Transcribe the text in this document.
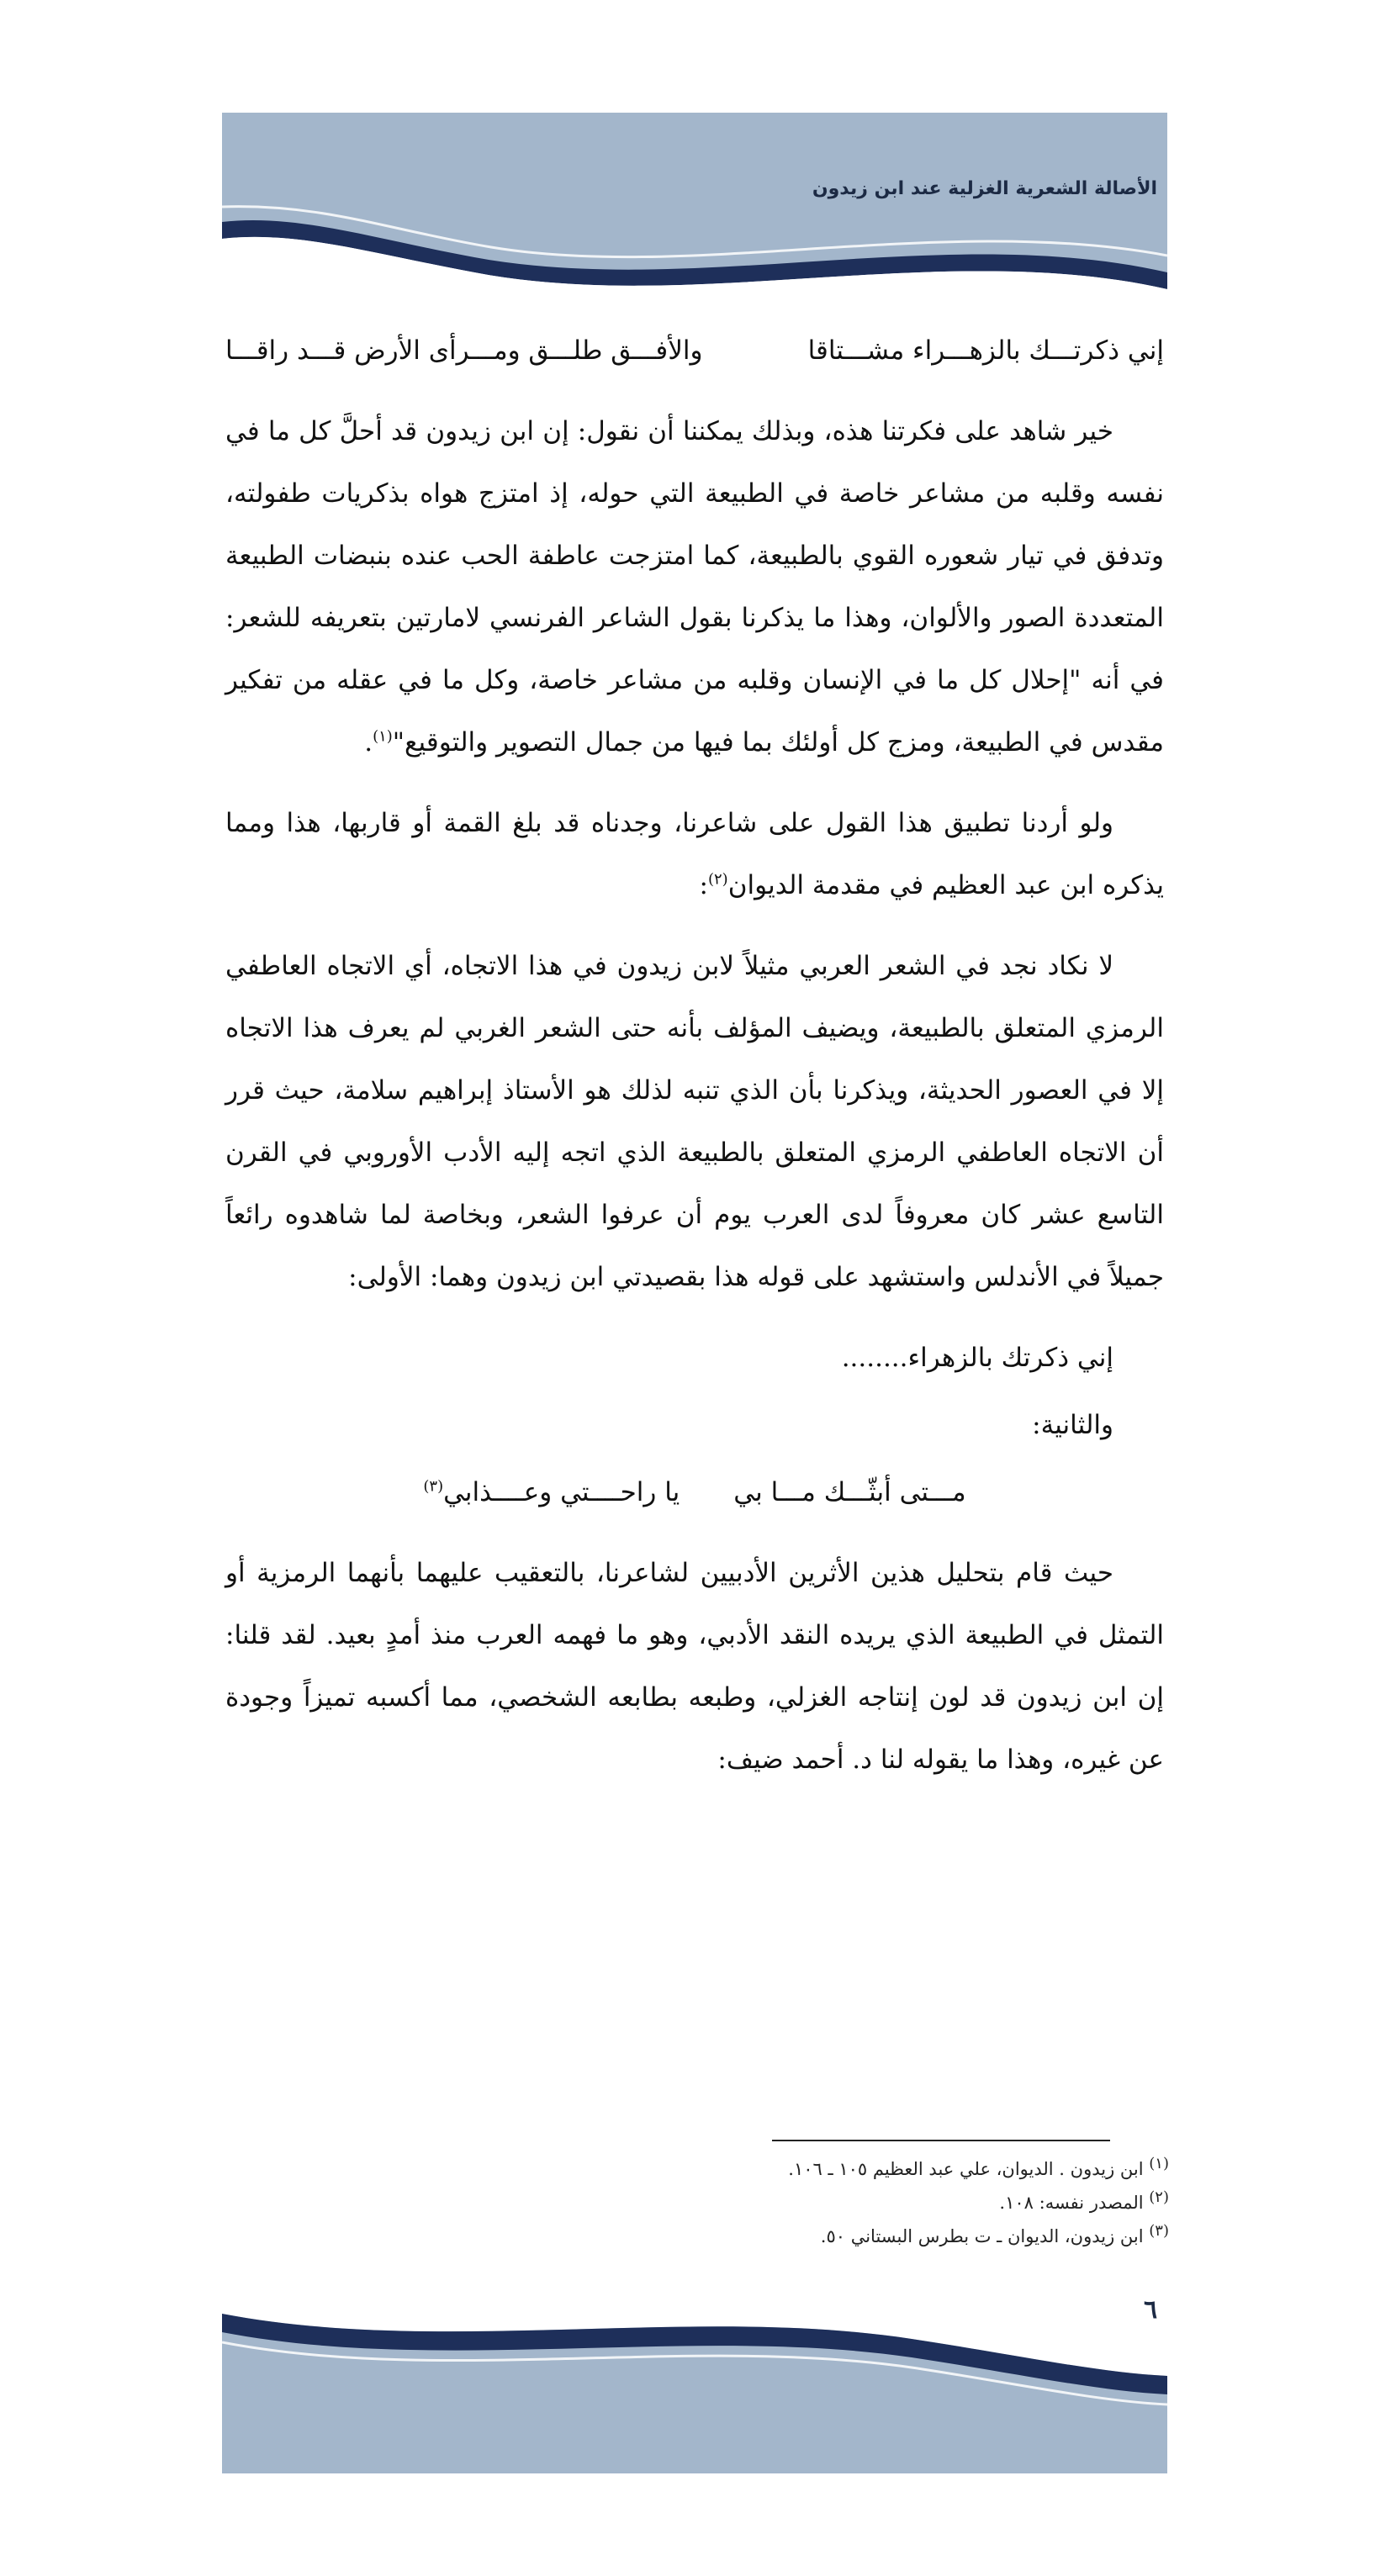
الأصالة الشعرية الغزلية عند ابن زيدون
إني ذكرتـــك بالزهـــراء مشـــتاقا
والأفـــق طلـــق ومـــرأى الأرض قـــد راقـــا

خير شاهد على فكرتنا هذه، وبذلك يمكننا أن نقول: إن ابن زيدون قد أحلَّ كل ما في نفسه وقلبه من مشاعر خاصة في الطبيعة التي حوله، إذ امتزج هواه بذكريات طفولته، وتدفق في تيار شعوره القوي بالطبيعة، كما امتزجت عاطفة الحب عنده بنبضات الطبيعة المتعددة الصور والألوان، وهذا ما يذكرنا بقول الشاعر الفرنسي لامارتين بتعريفه للشعر: في أنه "إحلال كل ما في الإنسان وقلبه من مشاعر خاصة، وكل ما في عقله من تفكير مقدس في الطبيعة، ومزج كل أولئك بما فيها من جمال التصوير والتوقيع"$^{(١)}$.

ولو أردنا تطبيق هذا القول على شاعرنا، وجدناه قد بلغ القمة أو قاربها، هذا ومما يذكره ابن عبد العظيم في مقدمة الديوان$^{(٢)}$:

لا نكاد نجد في الشعر العربي مثيلاً لابن زيدون في هذا الاتجاه، أي الاتجاه العاطفي الرمزي المتعلق بالطبيعة، ويضيف المؤلف بأنه حتى الشعر الغربي لم يعرف هذا الاتجاه إلا في العصور الحديثة، ويذكرنا بأن الذي تنبه لذلك هو الأستاذ إبراهيم سلامة، حيث قرر أن الاتجاه العاطفي الرمزي المتعلق بالطبيعة الذي اتجه إليه الأدب الأوروبي في القرن التاسع عشر كان معروفاً لدى العرب يوم أن عرفوا الشعر، وبخاصة لما شاهدوه رائعاً جميلاً في الأندلس واستشهد على قوله هذا بقصيدتي ابن زيدون وهما: الأولى:

إني ذكرتك بالزهراء........
والثانية:
مـــتى أبثّـــك مـــا بي
يا راحــــتي وعــــذابي$^{(٣)}$

حيث قام بتحليل هذين الأثرين الأدبيين لشاعرنا، بالتعقيب عليهما بأنهما الرمزية أو التمثل في الطبيعة الذي يريده النقد الأدبي، وهو ما فهمه العرب منذ أمدٍ بعيد. لقد قلنا: إن ابن زيدون قد لون إنتاجه الغزلي، وطبعه بطابعه الشخصي، مما أكسبه تميزاً وجودة عن غيره، وهذا ما يقوله لنا د. أحمد ضيف:

$^{(١)}$ ابن زيدون . الديوان، علي عبد العظيم ١٠٥ ـ ١٠٦.
$^{(٢)}$ المصدر نفسه: ١٠٨.
$^{(٣)}$ ابن زيدون، الديوان ـ ت بطرس البستاني ٥٠.
٦
